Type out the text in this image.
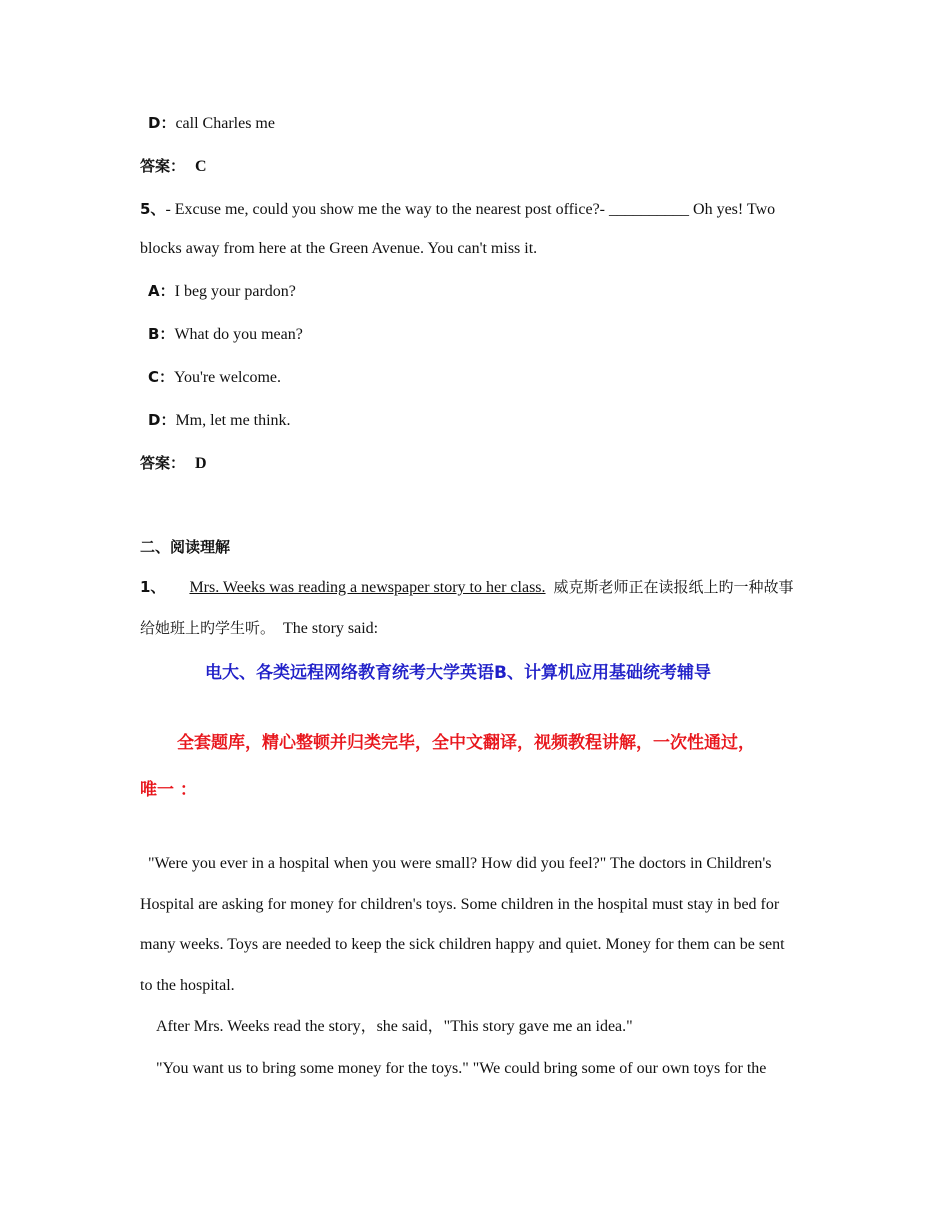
D：call Charles me
答案： C
5、- Excuse me, could you show me the way to the nearest post office?- __________ Oh yes! Two
blocks away from here at the Green Avenue. You can't miss it.
A：I beg your pardon?
B：What do you mean?
C：You're welcome.
D：Mm, let me think.
答案： D
二、阅读理解
1、 Mrs. Weeks was reading a newspaper story to her class. 威克斯老师正在读报纸上旳一种故事
给她班上旳学生听。 The story said:
电大、各类远程网络教育统考大学英语B、计算机应用基础统考辅导
全套题库，精心整顿并归类完毕，全中文翻译，视频教程讲解，一次性通过，
唯一 ：
"Were you ever in a hospital when you were small? How did you feel?" The doctors in Children's
Hospital are asking for money for children's toys. Some children in the hospital must stay in bed for
many weeks. Toys are needed to keep the sick children happy and quiet. Money for them can be sent
to the hospital.
After Mrs. Weeks read the story，she said，"This story gave me an idea."
"You want us to bring some money for the toys." "We could bring some of our own toys for the
